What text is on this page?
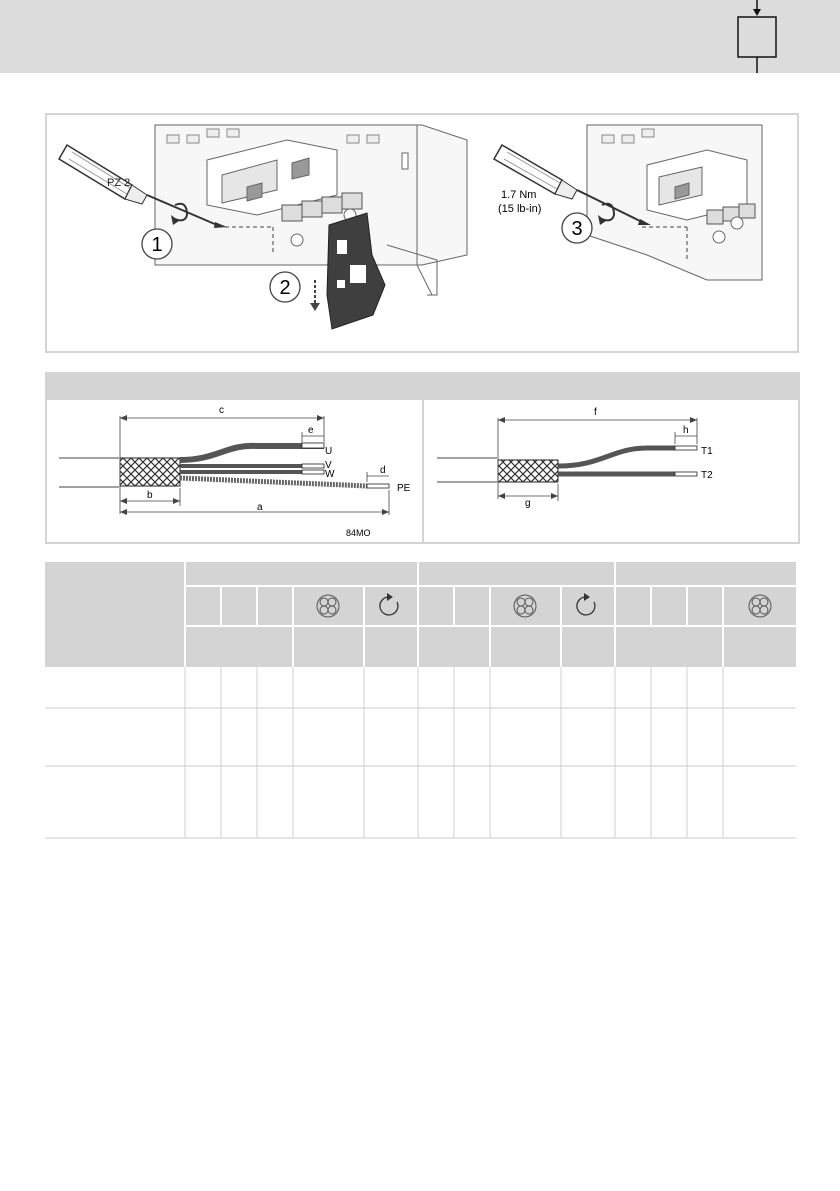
PZ 2
1
2
1.7 Nm
(15 lb-in)
3
c
e
b
a
d
U
V
W
PE
84MO
f
h
g
T1
T2
